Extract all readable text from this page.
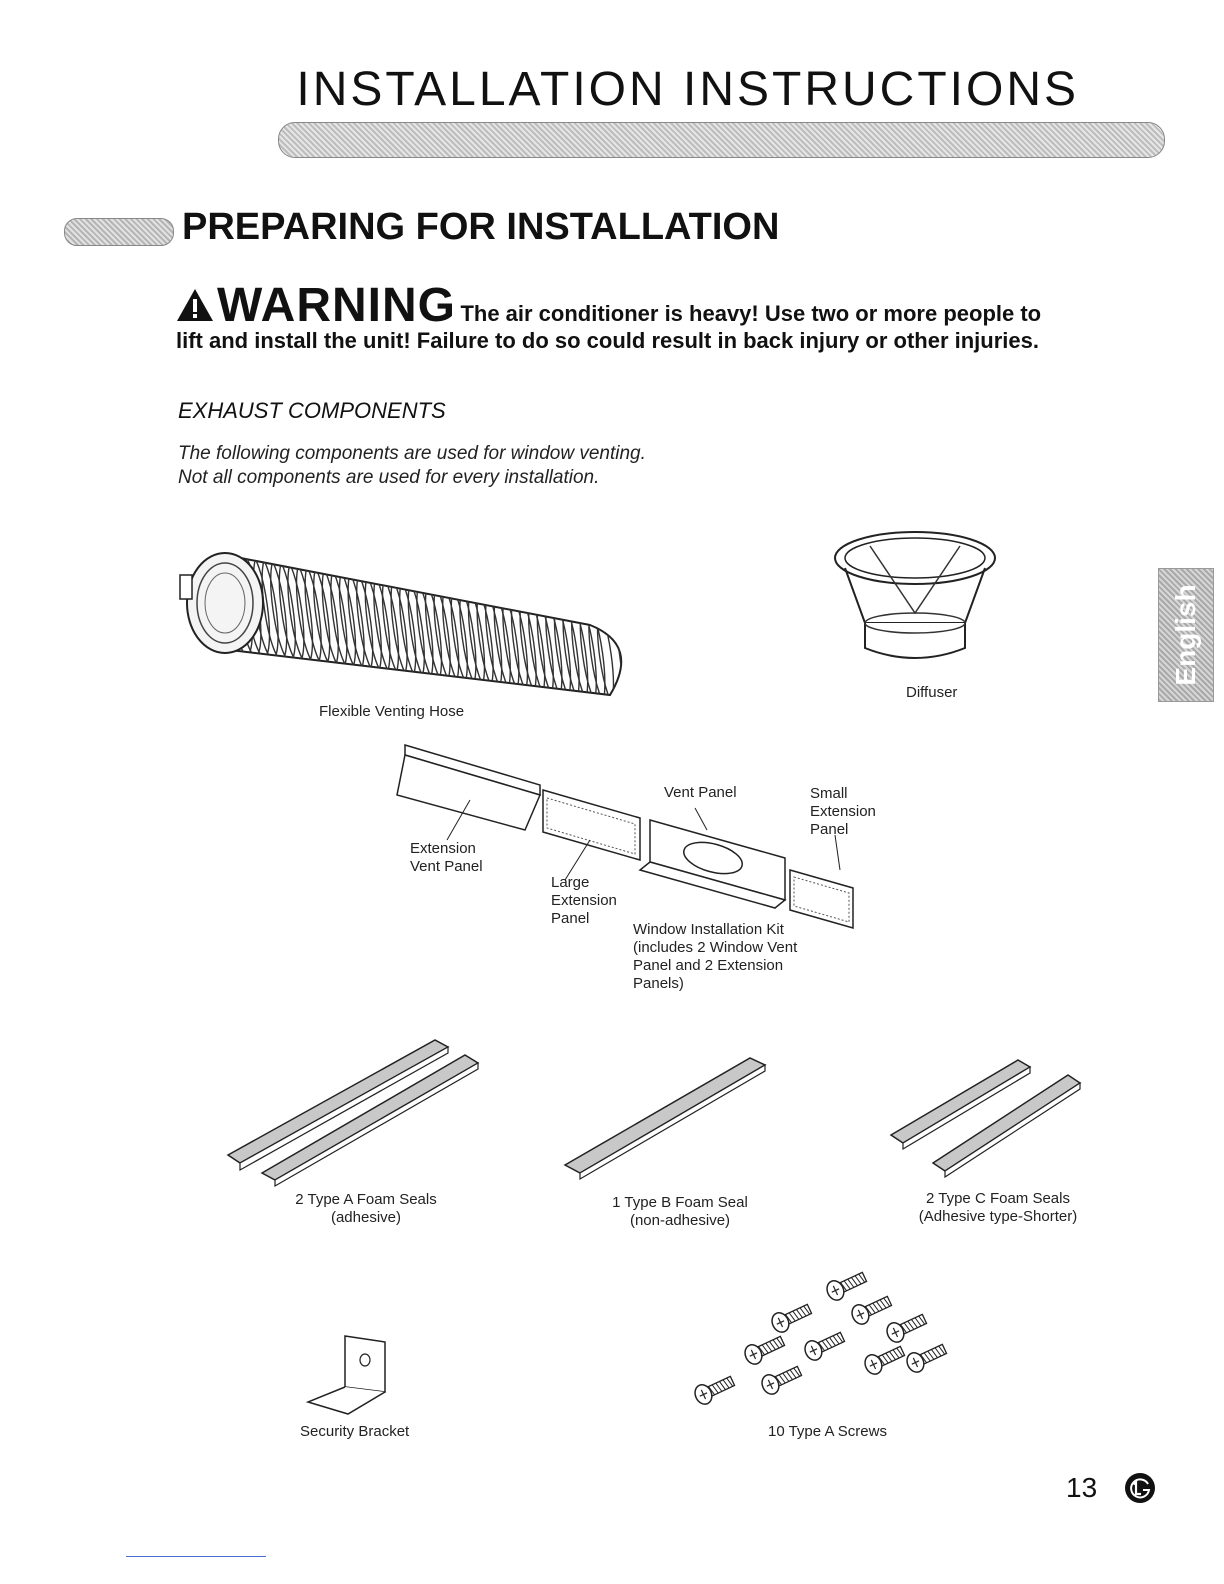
INSTALLATION INSTRUCTIONS
PREPARING FOR INSTALLATION
WARNING The air conditioner is heavy! Use two or more people to
lift and install the unit! Failure to do so could result in back injury or other injuries.
EXHAUST COMPONENTS
The following components are used for window venting.
Not all components are used for every installation.
Flexible Venting Hose
Diffuser
Extension
Vent Panel
Large
Extension
Panel
Vent Panel	Small
Extension
Panel
Window Installation Kit
(includes 2 Window Vent
Panel and 2 Extension
Panels)
2 Type A Foam Seals
(adhesive)
1 Type B Foam Seal
(non-adhesive)
2 Type C Foam Seals
(Adhesive type-Shorter)
Security Bracket	10 Type A Screws
English
13
